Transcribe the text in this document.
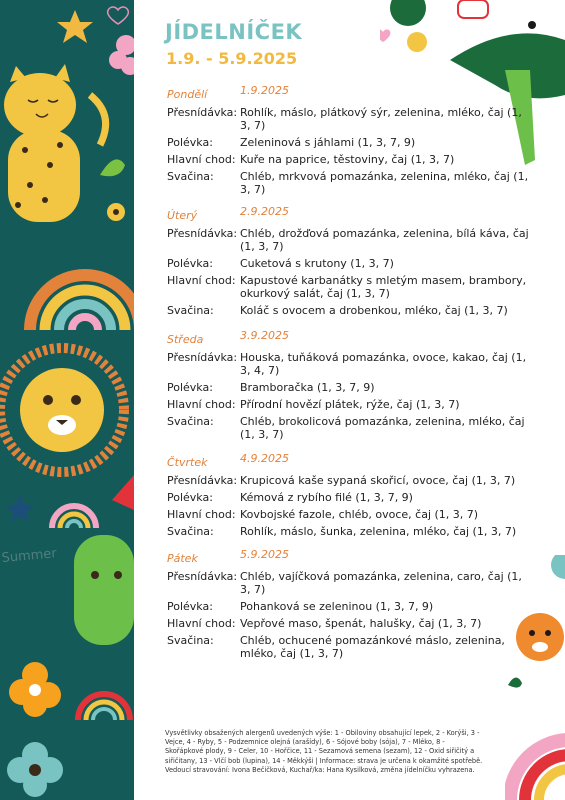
Summer
JÍDELNÍČEK
1.9. - 5.9.2025
Pondělí	1.9.2025
Přesnídávka: Rohlík, máslo, plátkový sýr, zelenina, mléko, čaj (1, 3, 7)
Polévka:	Zeleninová s jáhlami (1, 3, 7, 9)
Hlavní chod: Kuře na paprice, těstoviny, čaj (1, 3, 7)
Svačina:	Chléb, mrkvová pomazánka, zelenina, mléko, čaj (1, 3, 7)
Úterý	2.9.2025
Přesnídávka: Chléb, drožďová pomazánka, zelenina, bílá káva, čaj (1, 3, 7)
Polévka:	Cuketová s krutony (1, 3, 7)
Hlavní chod: Kapustové karbanátky s mletým masem, brambory, okurkový salát, čaj (1, 3, 7)
Svačina:	Koláč s ovocem a drobenkou, mléko, čaj (1, 3, 7)
Středa	3.9.2025
Přesnídávka: Houska, tuňáková pomazánka, ovoce, kakao, čaj (1, 3, 4, 7)
Polévka:	Bramboračka (1, 3, 7, 9)
Hlavní chod: Přírodní hovězí plátek, rýže, čaj (1, 3, 7)
Svačina:	Chléb, brokolicová pomazánka, zelenina, mléko, čaj (1, 3, 7)
Čtvrtek	4.9.2025
Přesnídávka: Krupicová kaše sypaná skořicí, ovoce, čaj (1, 3, 7)
Polévka:	Kémová z rybího filé (1, 3, 7, 9)
Hlavní chod: Kovbojské fazole, chléb, ovoce, čaj (1, 3, 7)
Svačina:	Rohlík, máslo, šunka, zelenina, mléko, čaj (1, 3, 7)
Pátek	5.9.2025
Přesnídávka: Chléb, vajíčková pomazánka, zelenina, caro, čaj (1, 3, 7)
Polévka:	Pohanková se zeleninou (1, 3, 7, 9)
Hlavní chod: Vepřové maso, špenát, halušky, čaj (1, 3, 7)
Svačina:	Chléb, ochucené pomazánkové máslo, zelenina, mléko, čaj (1, 3, 7)
Vysvětlivky obsažených alergenů uvedených výše: 1 - Obiloviny obsahující lepek, 2 - Korýši, 3 - Vejce, 4 - Ryby, 5 - Podzemnice olejná (arašídy), 6 - Sójové boby (sója), 7 - Mléko, 8 - Skořápkové plody, 9 - Celer, 10 - Hořčice, 11 - Sezamová semena (sezam), 12 - Oxid siřičitý a siřičitany, 13 - Vlčí bob (lupina), 14 - Měkkýši | Informace: strava je určena k okamžité spotřebě. Vedoucí stravování: Ivona Bečičková, Kuchař/ka: Hana Kysilková, změna jídelníčku vyhrazena.
